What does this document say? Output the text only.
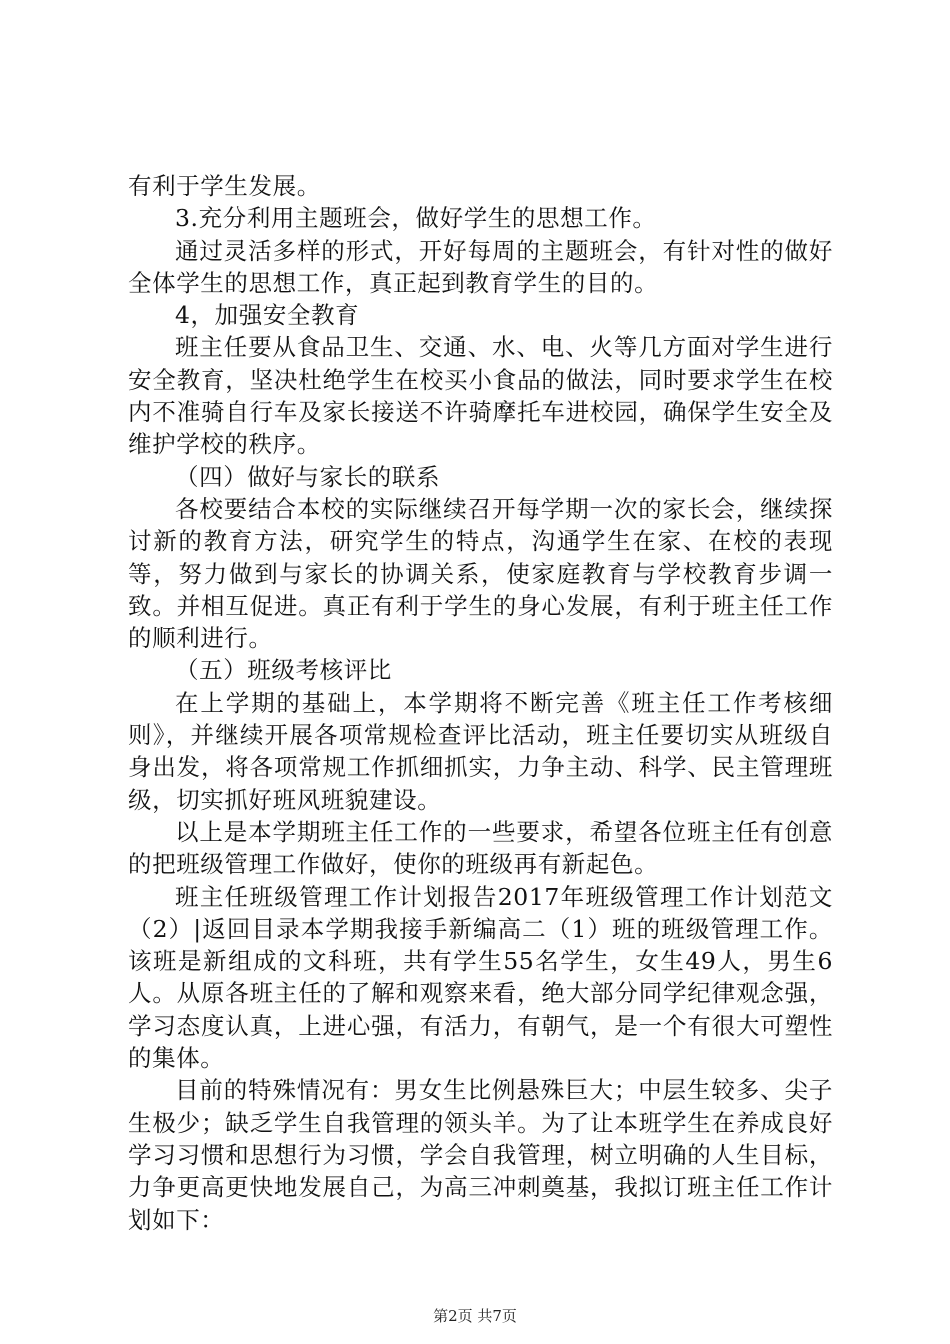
有利于学生发展。

3.充分利用主题班会，做好学生的思想工作。

通过灵活多样的形式，开好每周的主题班会，有针对性的做好全体学生的思想工作，真正起到教育学生的目的。

4，加强安全教育

班主任要从食品卫生、交通、水、电、火等几方面对学生进行安全教育，坚决杜绝学生在校买小食品的做法，同时要求学生在校内不准骑自行车及家长接送不许骑摩托车进校园，确保学生安全及维护学校的秩序。

（四）做好与家长的联系

各校要结合本校的实际继续召开每学期一次的家长会，继续探讨新的教育方法，研究学生的特点，沟通学生在家、在校的表现等，努力做到与家长的协调关系，使家庭教育与学校教育步调一致。并相互促进。真正有利于学生的身心发展，有利于班主任工作的顺利进行。

（五）班级考核评比

在上学期的基础上，本学期将不断完善《班主任工作考核细则》，并继续开展各项常规检查评比活动，班主任要切实从班级自身出发，将各项常规工作抓细抓实，力争主动、科学、民主管理班级，切实抓好班风班貌建设。

以上是本学期班主任工作的一些要求，希望各位班主任有创意的把班级管理工作做好，使你的班级再有新起色。

班主任班级管理工作计划报告2017年班级管理工作计划范文（2）|返回目录本学期我接手新编高二（1）班的班级管理工作。该班是新组成的文科班，共有学生55名学生，女生49人，男生6人。从原各班主任的了解和观察来看，绝大部分同学纪律观念强，学习态度认真，上进心强，有活力，有朝气，是一个有很大可塑性的集体。

目前的特殊情况有：男女生比例悬殊巨大；中层生较多、尖子生极少；缺乏学生自我管理的领头羊。为了让本班学生在养成良好学习习惯和思想行为习惯，学会自我管理，树立明确的人生目标，力争更高更快地发展自己，为高三冲刺奠基，我拟订班主任工作计划如下：

第2页 共7页
